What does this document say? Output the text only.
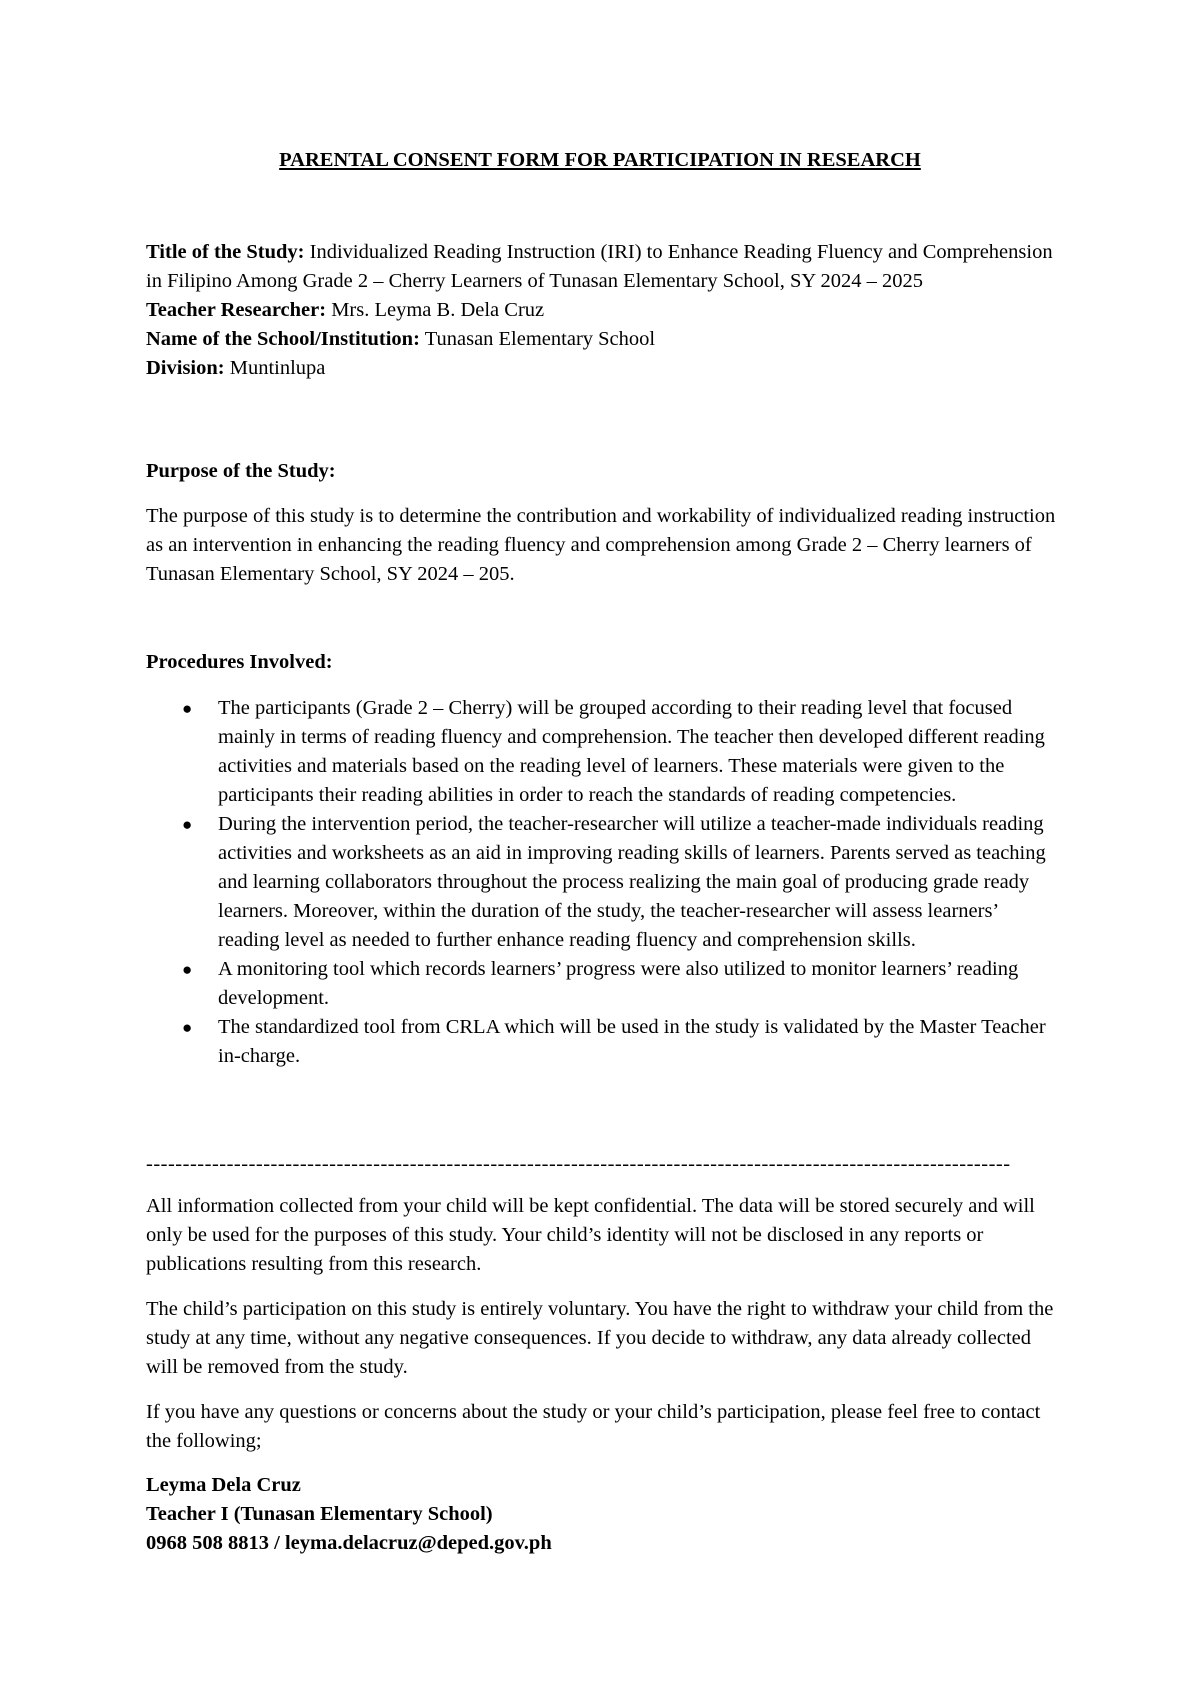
PARENTAL CONSENT FORM FOR PARTICIPATION IN RESEARCH

Title of the Study: Individualized Reading Instruction (IRI) to Enhance Reading Fluency and Comprehension in Filipino Among Grade 2 – Cherry Learners of Tunasan Elementary School, SY 2024 – 2025

Teacher Researcher: Mrs. Leyma B. Dela Cruz

Name of the School/Institution: Tunasan Elementary School

Division: Muntinlupa

Purpose of the Study:

The purpose of this study is to determine the contribution and workability of individualized reading instruction as an intervention in enhancing the reading fluency and comprehension among Grade 2 – Cherry learners of Tunasan Elementary School, SY 2024 – 205.

Procedures Involved:

● The participants (Grade 2 – Cherry) will be grouped according to their reading level that focused mainly in terms of reading fluency and comprehension. The teacher then developed different reading activities and materials based on the reading level of learners. These materials were given to the participants their reading abilities in order to reach the standards of reading competencies.
● During the intervention period, the teacher-researcher will utilize a teacher-made individuals reading activities and worksheets as an aid in improving reading skills of learners. Parents served as teaching and learning collaborators throughout the process realizing the main goal of producing grade ready learners. Moreover, within the duration of the study, the teacher-researcher will assess learners’ reading level as needed to further enhance reading fluency and comprehension skills.
● A monitoring tool which records learners’ progress were also utilized to monitor learners’ reading development.
● The standardized tool from CRLA which will be used in the study is validated by the Master Teacher in-charge.
----------------------------------------------------------------------------------------------------------------------

All information collected from your child will be kept confidential. The data will be stored securely and will only be used for the purposes of this study. Your child’s identity will not be disclosed in any reports or publications resulting from this research.

The child’s participation on this study is entirely voluntary. You have the right to withdraw your child from the study at any time, without any negative consequences. If you decide to withdraw, any data already collected will be removed from the study.

If you have any questions or concerns about the study or your child’s participation, please feel free to contact the following;

Leyma Dela Cruz

Teacher I (Tunasan Elementary School)

0968 508 8813 / leyma.delacruz@deped.gov.ph
